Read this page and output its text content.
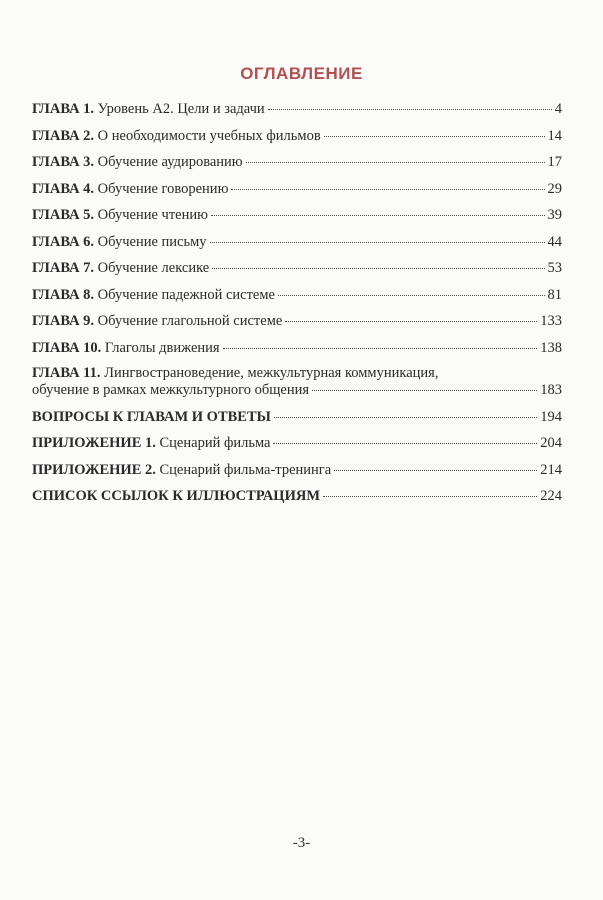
ОГЛАВЛЕНИЕ
ГЛАВА 1. Уровень А2. Цели и задачи	4
ГЛАВА 2. О необходимости учебных фильмов	14
ГЛАВА 3. Обучение аудированию	17
ГЛАВА 4. Обучение говорению	29
ГЛАВА 5. Обучение чтению	39
ГЛАВА 6. Обучение письму	44
ГЛАВА 7. Обучение лексике	53
ГЛАВА 8. Обучение падежной системе	81
ГЛАВА 9. Обучение глагольной системе	133
ГЛАВА 10. Глаголы движения	138
ГЛАВА 11. Лингвострановедение, межкультурная коммуникация,
обучение в рамках межкультурного общения	183
ВОПРОСЫ К ГЛАВАМ И ОТВЕТЫ	194
ПРИЛОЖЕНИЕ 1. Сценарий фильма	204
ПРИЛОЖЕНИЕ 2. Сценарий фильма-тренинга	214
СПИСОК ССЫЛОК К ИЛЛЮСТРАЦИЯМ	224
-3-
